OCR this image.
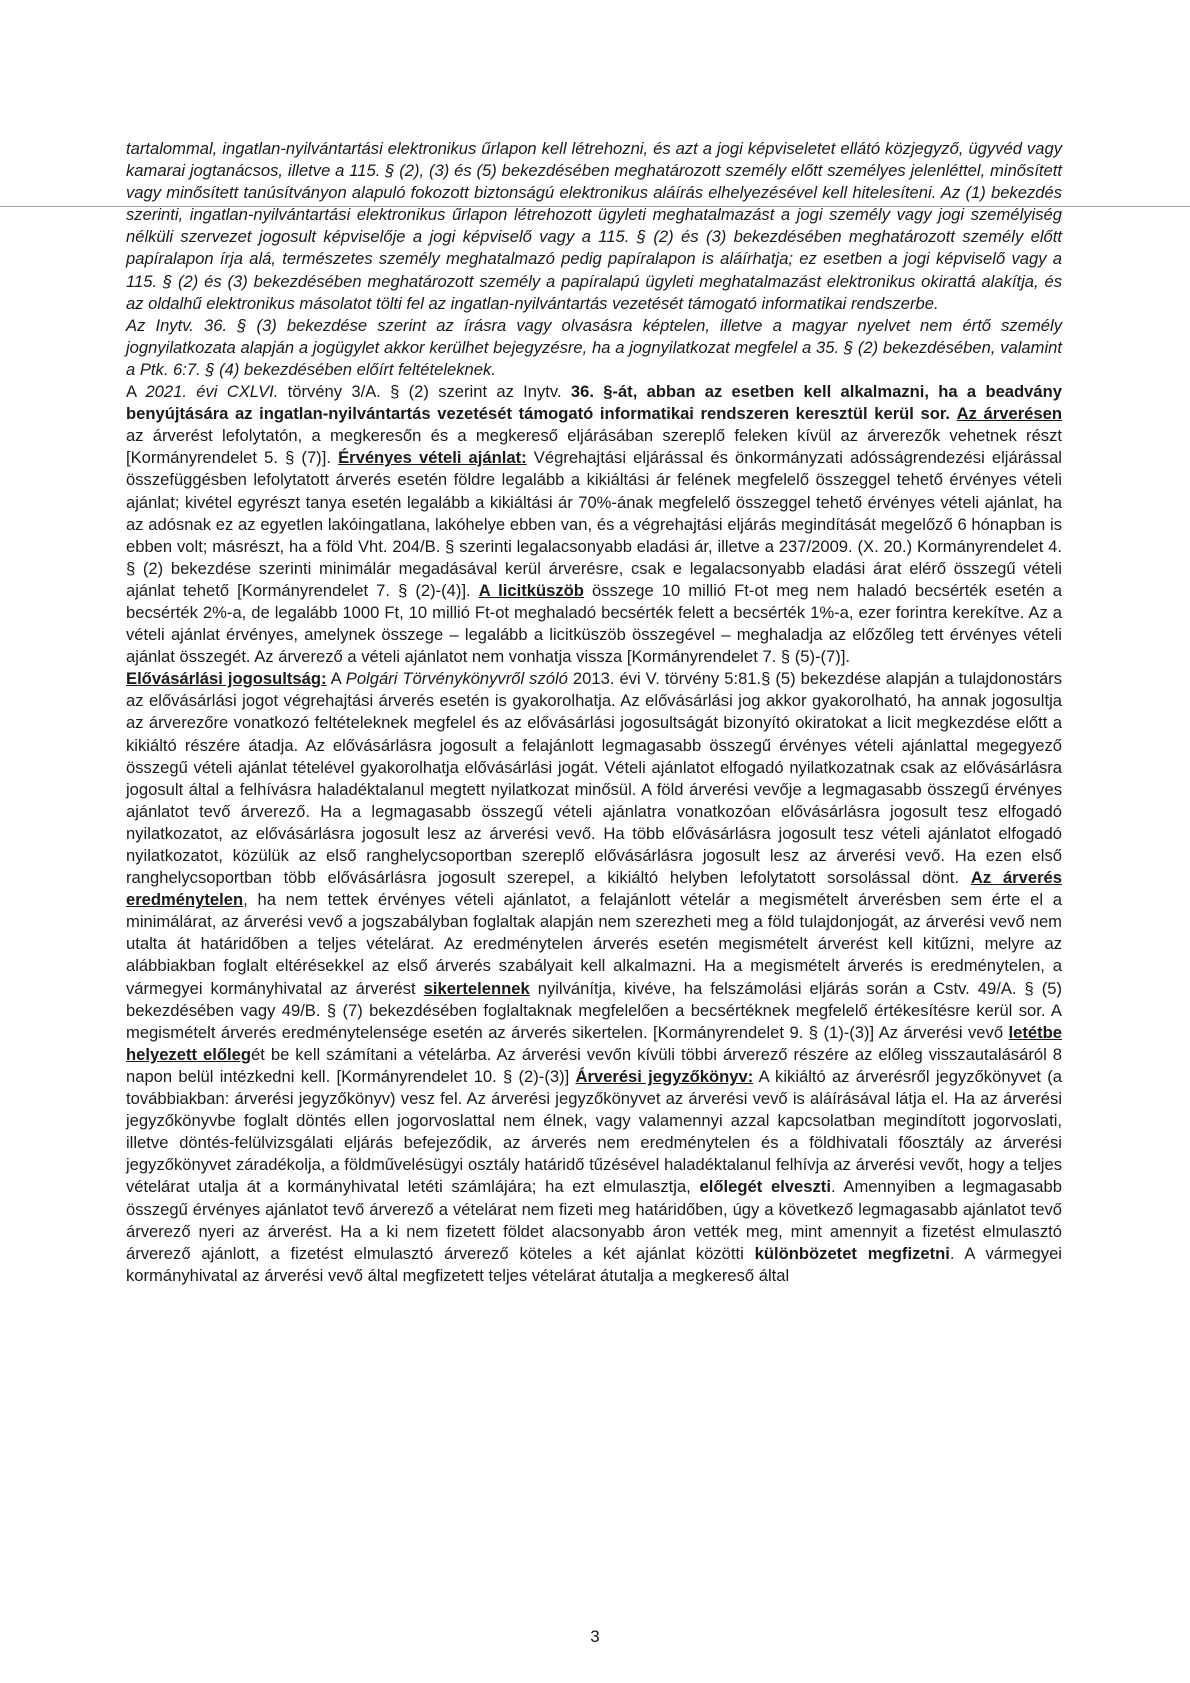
tartalommal, ingatlan-nyilvántartási elektronikus űrlapon kell létrehozni, és azt a jogi képviseletet ellátó közjegyző, ügyvéd vagy kamarai jogtanácsos, illetve a 115. § (2), (3) és (5) bekezdésében meghatározott személy előtt személyes jelenléttel, minősített vagy minősített tanúsítványon alapuló fokozott biztonságú elektronikus aláírás elhelyezésével kell hitelesíteni. Az (1) bekezdés szerinti, ingatlan-nyilvántartási elektronikus űrlapon létrehozott ügyleti meghatalmazást a jogi személy vagy jogi személyiség nélküli szervezet jogosult képviselője a jogi képviselő vagy a 115. § (2) és (3) bekezdésében meghatározott személy előtt papíralapon írja alá, természetes személy meghatalmazó pedig papíralapon is aláírhatja; ez esetben a jogi képviselő vagy a 115. § (2) és (3) bekezdésében meghatározott személy a papíralapú ügyleti meghatalmazást elektronikus okirattá alakítja, és az oldalhű elektronikus másolatot tölti fel az ingatlan-nyilvántartás vezetését támogató informatikai rendszerbe.

Az Inytv. 36. § (3) bekezdése szerint az írásra vagy olvasásra képtelen, illetve a magyar nyelvet nem értő személy jognyilatkozata alapján a jogügylet akkor kerülhet bejegyzésre, ha a jognyilatkozat megfelel a 35. § (2) bekezdésében, valamint a Ptk. 6:7. § (4) bekezdésében előírt feltételeknek.

A 2021. évi CXLVI. törvény 3/A. § (2) szerint az Inytv. 36. §-át, abban az esetben kell alkalmazni, ha a beadvány benyújtására az ingatlan-nyilvántartás vezetését támogató informatikai rendszeren keresztül kerül sor. Az árverésen az árverést lefolytatón, a megkeresőn és a megkereső eljárásában szereplő feleken kívül az árverezők vehetnek részt [Kormányrendelet 5. § (7)]. Érvényes vételi ajánlat: Végrehajtási eljárással és önkormányzati adósságrendezési eljárással összefüggésben lefolytatott árverés esetén földre legalább a kikiáltási ár felének megfelelő összeggel tehető érvényes vételi ajánlat; kivétel egyrészt tanya esetén legalább a kikiáltási ár 70%-ának megfelelő összeggel tehető érvényes vételi ajánlat, ha az adósnak ez az egyetlen lakóingatlana, lakóhelye ebben van, és a végrehajtási eljárás megindítását megelőző 6 hónapban is ebben volt; másrészt, ha a föld Vht. 204/B. § szerinti legalacsonyabb eladási ár, illetve a 237/2009. (X. 20.) Kormányrendelet 4. § (2) bekezdése szerinti minimálár megadásával kerül árverésre, csak e legalacsonyabb eladási árat elérő összegű vételi ajánlat tehető [Kormányrendelet 7. § (2)-(4)]. A licitküszöb összege 10 millió Ft-ot meg nem haladó becsérték esetén a becsérték 2%-a, de legalább 1000 Ft, 10 millió Ft-ot meghaladó becsérték felett a becsérték 1%-a, ezer forintra kerekítve. Az a vételi ajánlat érvényes, amelynek összege – legalább a licitküszöb összegével – meghaladja az előzőleg tett érvényes vételi ajánlat összegét. Az árverező a vételi ajánlatot nem vonhatja vissza [Kormányrendelet 7. § (5)-(7)].

Elővásárlási jogosultság: A Polgári Törvénykönyvről szóló 2013. évi V. törvény 5:81.§ (5) bekezdése alapján a tulajdonostárs az elővásárlási jogot végrehajtási árverés esetén is gyakorolhatja. Az elővásárlási jog akkor gyakorolható, ha annak jogosultja az árverezőre vonatkozó feltételeknek megfelel és az elővásárlási jogosultságát bizonyító okiratokat a licit megkezdése előtt a kikiáltó részére átadja. Az elővásárlásra jogosult a felajánlott legmagasabb összegű érvényes vételi ajánlattal megegyező összegű vételi ajánlat tételével gyakorolhatja elővásárlási jogát. Vételi ajánlatot elfogadó nyilatkozatnak csak az elővásárlásra jogosult által a felhívásra haladéktalanul megtett nyilatkozat minősül. A föld árverési vevője a legmagasabb összegű érvényes ajánlatot tevő árverező. Ha a legmagasabb összegű vételi ajánlatra vonatkozóan elővásárlásra jogosult tesz elfogadó nyilatkozatot, az elővásárlásra jogosult lesz az árverési vevő. Ha több elővásárlásra jogosult tesz vételi ajánlatot elfogadó nyilatkozatot, közülük az első ranghelycsoportban szereplő elővásárlásra jogosult lesz az árverési vevő. Ha ezen első ranghelycsoportban több elővásárlásra jogosult szerepel, a kikiáltó helyben lefolytatott sorsolással dönt. Az árverés eredménytelen, ha nem tettek érvényes vételi ajánlatot, a felajánlott vételár a megismételt árverésben sem érte el a minimálárat, az árverési vevő a jogszabályban foglaltak alapján nem szerezheti meg a föld tulajdonjogát, az árverési vevő nem utalta át határidőben a teljes vételárat. Az eredménytelen árverés esetén megismételt árverést kell kitűzni, melyre az alábbiakban foglalt eltérésekkel az első árverés szabályait kell alkalmazni. Ha a megismételt árverés is eredménytelen, a vármegyei kormányhivatal az árverést sikertelennek nyilvánítja, kivéve, ha felszámolási eljárás során a Cstv. 49/A. § (5) bekezdésében vagy 49/B. § (7) bekezdésében foglaltaknak megfelelően a becsértéknek megfelelő értékesítésre kerül sor. A megismételt árverés eredménytelensége esetén az árverés sikertelen. [Kormányrendelet 9. § (1)-(3)] Az árverési vevő letétbe helyezett előlegét be kell számítani a vételárba. Az árverési vevőn kívüli többi árverező részére az előleg visszautalásáról 8 napon belül intézkedni kell. [Kormányrendelet 10. § (2)-(3)] Árverési jegyzőkönyv: A kikiáltó az árverésről jegyzőkönyvet (a továbbiakban: árverési jegyzőkönyv) vesz fel. Az árverési jegyzőkönyvet az árverési vevő is aláírásával látja el. Ha az árverési jegyzőkönyvbe foglalt döntés ellen jogorvoslattal nem élnek, vagy valamennyi azzal kapcsolatban megindított jogorvoslati, illetve döntés-felülvizsgálati eljárás befejeződik, az árverés nem eredménytelen és a földhivatali főosztály az árverési jegyzőkönyvet záradékolja, a földművelésügyi osztály határidő tűzésével haladéktalanul felhívja az árverési vevőt, hogy a teljes vételárat utalja át a kormányhivatal letéti számlájára; ha ezt elmulasztja, előlegét elveszti. Amennyiben a legmagasabb összegű érvényes ajánlatot tevő árverező a vételárat nem fizeti meg határidőben, úgy a következő legmagasabb ajánlatot tevő árverező nyeri az árverést. Ha a ki nem fizetett földet alacsonyabb áron vették meg, mint amennyit a fizetést elmulasztó árverező ajánlott, a fizetést elmulasztó árverező köteles a két ajánlat közötti különbözetet megfizetni. A vármegyei kormányhivatal az árverési vevő által megfizetett teljes vételárat átutalja a megkereső által

3
